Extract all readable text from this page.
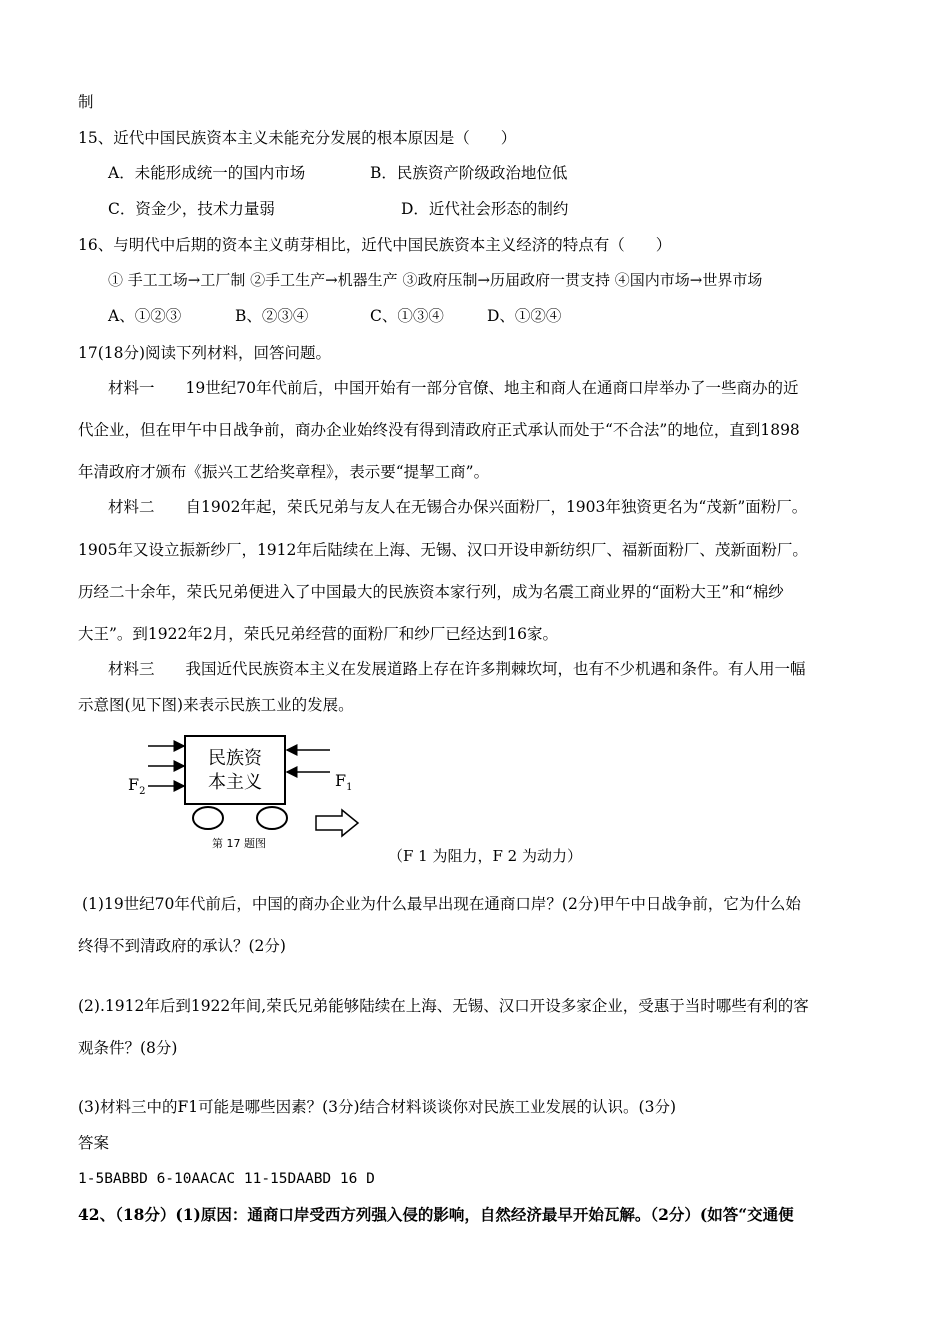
制
15、近代中国民族资本主义未能充分发展的根本原因是（　　）
A．未能形成统一的国内市场	B．民族资产阶级政治地位低
C．资金少，技术力量弱	D．近代社会形态的制约
16、与明代中后期的资本主义萌芽相比，近代中国民族资本主义经济的特点有（　　）
① 手工工场→工厂制 ②手工生产→机器生产 ③政府压制→历届政府一贯支持 ④国内市场→世界市场
A、①②③	B、②③④	C、①③④	D、①②④
17(18分)阅读下列材料，回答问题。
材料一　　19世纪70年代前后，中国开始有一部分官僚、地主和商人在通商口岸举办了一些商办的近
代企业，但在甲午中日战争前，商办企业始终没有得到清政府正式承认而处于“不合法”的地位，直到1898
年清政府才颁布《振兴工艺给奖章程》，表示要“提挈工商”。
材料二　　自1902年起，荣氏兄弟与友人在无锡合办保兴面粉厂，1903年独资更名为“茂新”面粉厂。
1905年又设立振新纱厂，1912年后陆续在上海、无锡、汉口开设申新纺织厂、福新面粉厂、茂新面粉厂。
历经二十余年，荣氏兄弟便进入了中国最大的民族资本家行列，成为名震工商业界的“面粉大王”和“棉纱
大王”。到1922年2月，荣氏兄弟经营的面粉厂和纱厂已经达到16家。
材料三　　我国近代民族资本主义在发展道路上存在许多荆棘坎坷，也有不少机遇和条件。有人用一幅
示意图(见下图)来表示民族工业的发展。
民族资
本主义
$F_2$
$F_1$
第 17 题图
（F 1 为阻力，F 2 为动力）
(1)19世纪70年代前后，中国的商办企业为什么最早出现在通商口岸？(2分)甲午中日战争前，它为什么始
终得不到清政府的承认？(2分)
(2).1912年后到1922年间,荣氏兄弟能够陆续在上海、无锡、汉口开设多家企业，受惠于当时哪些有利的客
观条件？(8分)
(3)材料三中的F1可能是哪些因素？(3分)结合材料谈谈你对民族工业发展的认识。(3分)
答案
1-5BABBD 6-10AACAC 11-15DAABD 16 D
42、（18分）(1)原因：通商口岸受西方列强入侵的影响，自然经济最早开始瓦解。（2分）(如答“交通便
